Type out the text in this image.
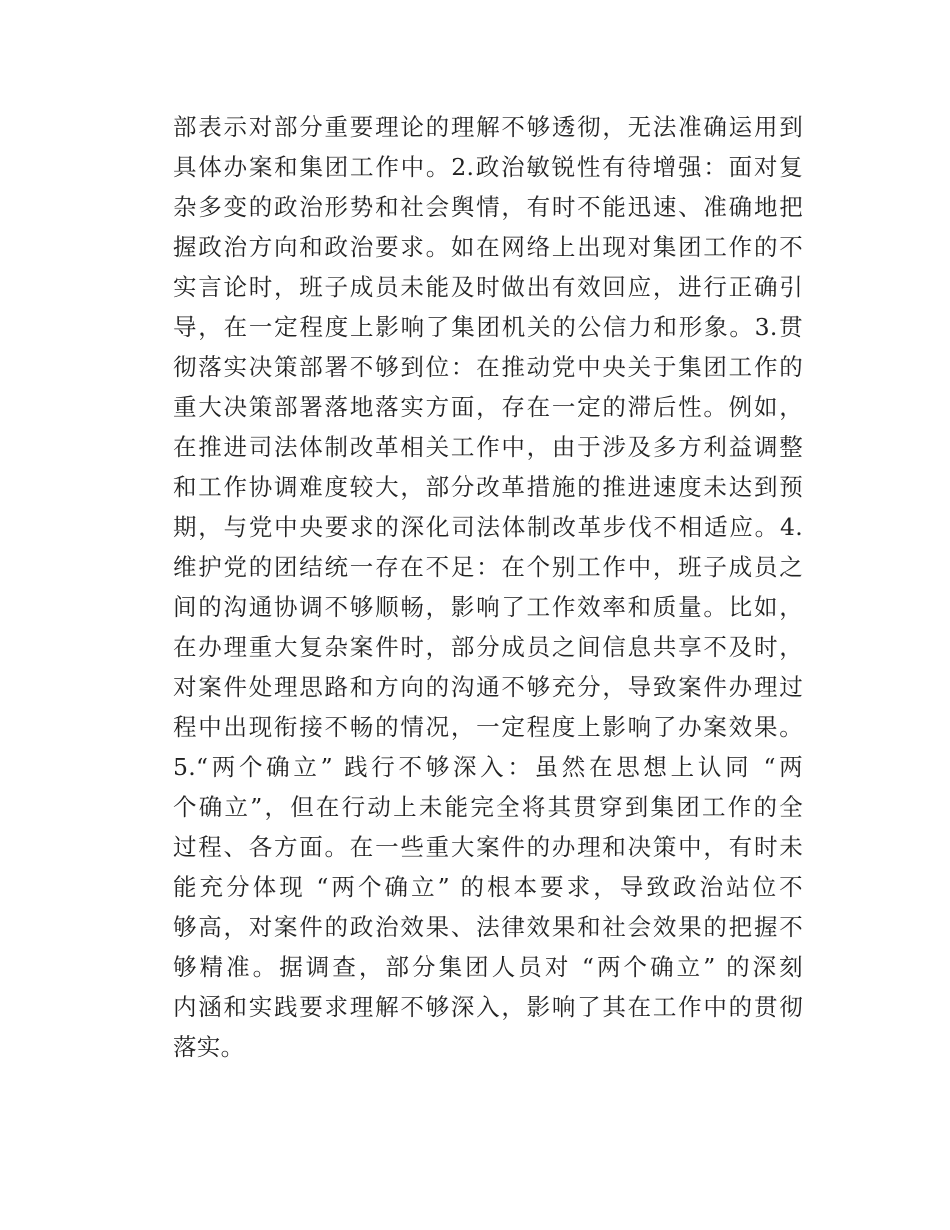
部表示对部分重要理论的理解不够透彻，无法准确运用到
具体办案和集团工作中。2.政治敏锐性有待增强：面对复
杂多变的政治形势和社会舆情，有时不能迅速、准确地把
握政治方向和政治要求。如在网络上出现对集团工作的不
实言论时，班子成员未能及时做出有效回应，进行正确引
导，在一定程度上影响了集团机关的公信力和形象。3.贯
彻落实决策部署不够到位：在推动党中央关于集团工作的
重大决策部署落地落实方面，存在一定的滞后性。例如，
在推进司法体制改革相关工作中，由于涉及多方利益调整
和工作协调难度较大，部分改革措施的推进速度未达到预
期，与党中央要求的深化司法体制改革步伐不相适应。4.
维护党的团结统一存在不足：在个别工作中，班子成员之
间的沟通协调不够顺畅，影响了工作效率和质量。比如，
在办理重大复杂案件时，部分成员之间信息共享不及时，
对案件处理思路和方向的沟通不够充分，导致案件办理过
程中出现衔接不畅的情况，一定程度上影响了办案效果。
5.“两个确立” 践行不够深入：虽然在思想上认同 “两
个确立”，但在行动上未能完全将其贯穿到集团工作的全
过程、各方面。在一些重大案件的办理和决策中，有时未
能充分体现 “两个确立” 的根本要求，导致政治站位不
够高，对案件的政治效果、法律效果和社会效果的把握不
够精准。据调查，部分集团人员对 “两个确立” 的深刻
内涵和实践要求理解不够深入，影响了其在工作中的贯彻
落实。
